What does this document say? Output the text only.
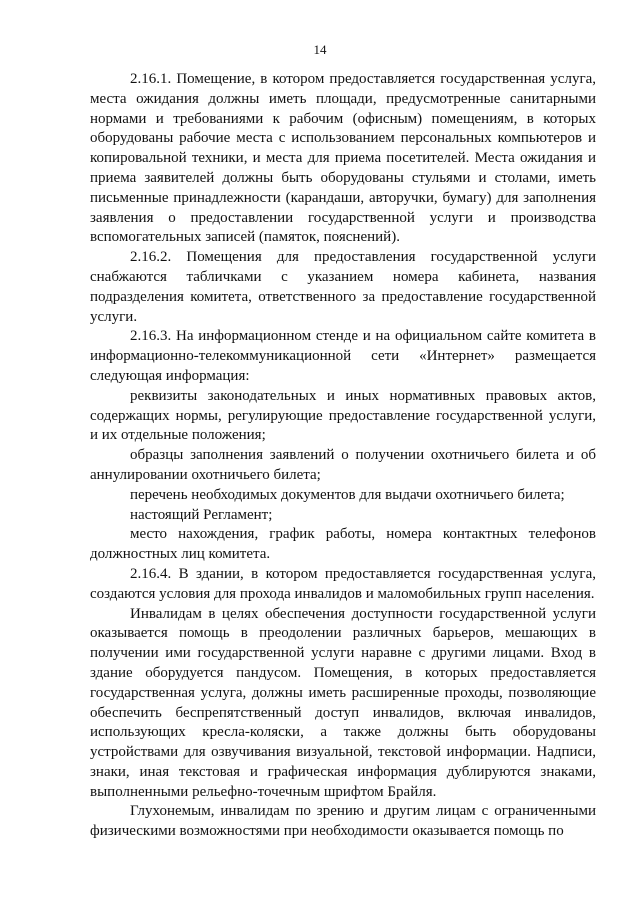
14

2.16.1. Помещение, в котором предоставляется государственная услуга, места ожидания должны иметь площади, предусмотренные санитарными нормами и требованиями к рабочим (офисным) помещениям, в которых оборудованы рабочие места с использованием персональных компьютеров и копировальной техники, и места для приема посетителей. Места ожидания и приема заявителей должны быть оборудованы стульями и столами, иметь письменные принадлежности (карандаши, авторучки, бумагу) для заполнения заявления о предоставлении государственной услуги и производства вспомогательных записей (памяток, пояснений).

2.16.2. Помещения для предоставления государственной услуги снабжаются табличками с указанием номера кабинета, названия подразделения комитета, ответственного за предоставление государственной услуги.

2.16.3. На информационном стенде и на официальном сайте комитета в информационно-телекоммуникационной сети «Интернет» размещается следующая информация:

реквизиты законодательных и иных нормативных правовых актов, содержащих нормы, регулирующие предоставление государственной услуги, и их отдельные положения;

образцы заполнения заявлений о получении охотничьего билета и об аннулировании охотничьего билета;

перечень необходимых документов для выдачи охотничьего билета;

настоящий Регламент;

место нахождения, график работы, номера контактных телефонов должностных лиц комитета.

2.16.4. В здании, в котором предоставляется государственная услуга, создаются условия для прохода инвалидов и маломобильных групп населения.

Инвалидам в целях обеспечения доступности государственной услуги оказывается помощь в преодолении различных барьеров, мешающих в получении ими государственной услуги наравне с другими лицами. Вход в здание оборудуется пандусом. Помещения, в которых предоставляется государственная услуга, должны иметь расширенные проходы, позволяющие обеспечить беспрепятственный доступ инвалидов, включая инвалидов, использующих кресла-коляски, а также должны быть оборудованы устройствами для озвучивания визуальной, текстовой информации. Надписи, знаки, иная текстовая и графическая информация дублируются знаками, выполненными рельефно-точечным шрифтом Брайля.

Глухонемым, инвалидам по зрению и другим лицам с ограниченными физическими возможностями при необходимости оказывается помощь по
